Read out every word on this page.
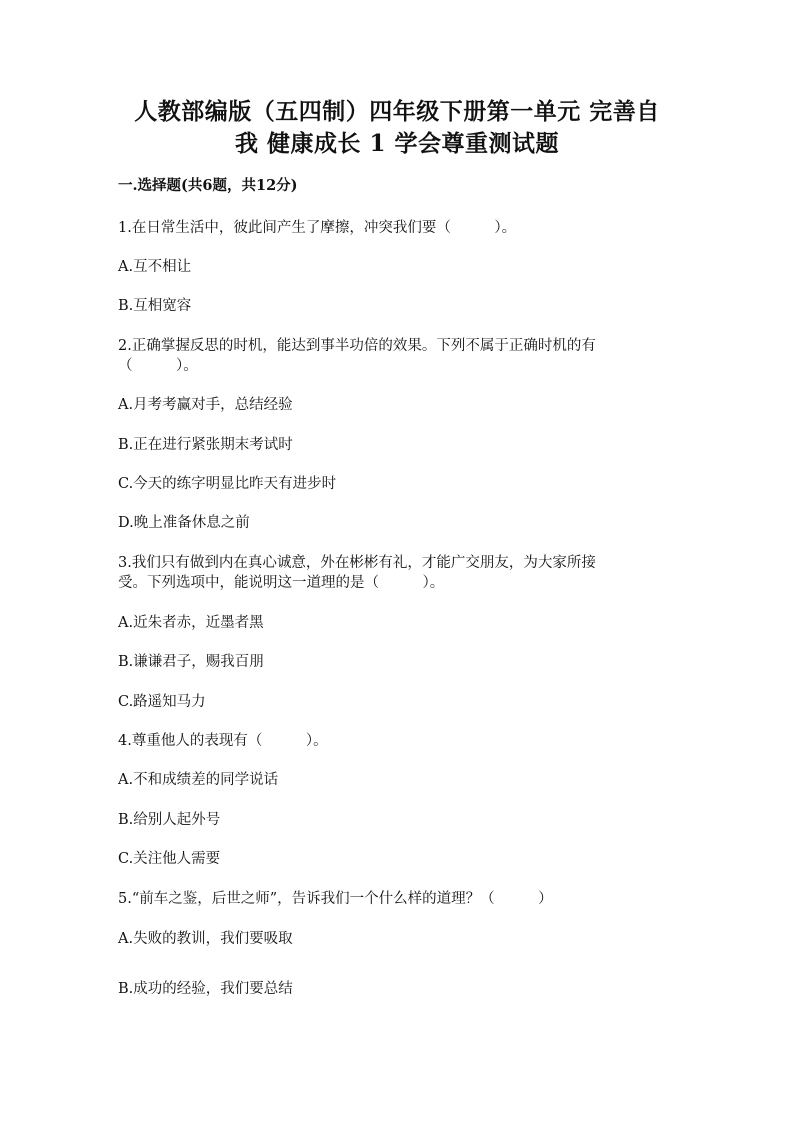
人教部编版（五四制）四年级下册第一单元 完善自
我 健康成长 1 学会尊重测试题
一.选择题(共6题，共12分)
1.在日常生活中，彼此间产生了摩擦，冲突我们要（　　　）。
A.互不相让
B.互相宽容
2.正确掌握反思的时机，能达到事半功倍的效果。下列不属于正确时机的有
（　　　）。
A.月考考赢对手，总结经验
B.正在进行紧张期末考试时
C.今天的练字明显比昨天有进步时
D.晚上准备休息之前
3.我们只有做到内在真心诚意，外在彬彬有礼，才能广交朋友，为大家所接
受。下列选项中，能说明这一道理的是（　　　）。
A.近朱者赤，近墨者黑
B.谦谦君子，赐我百朋
C.路遥知马力
4.尊重他人的表现有（　　　）。
A.不和成绩差的同学说话
B.给别人起外号
C.关注他人需要
5.“前车之鉴，后世之师”，告诉我们一个什么样的道理？（　　　）
A.失败的教训，我们要吸取
B.成功的经验，我们要总结
